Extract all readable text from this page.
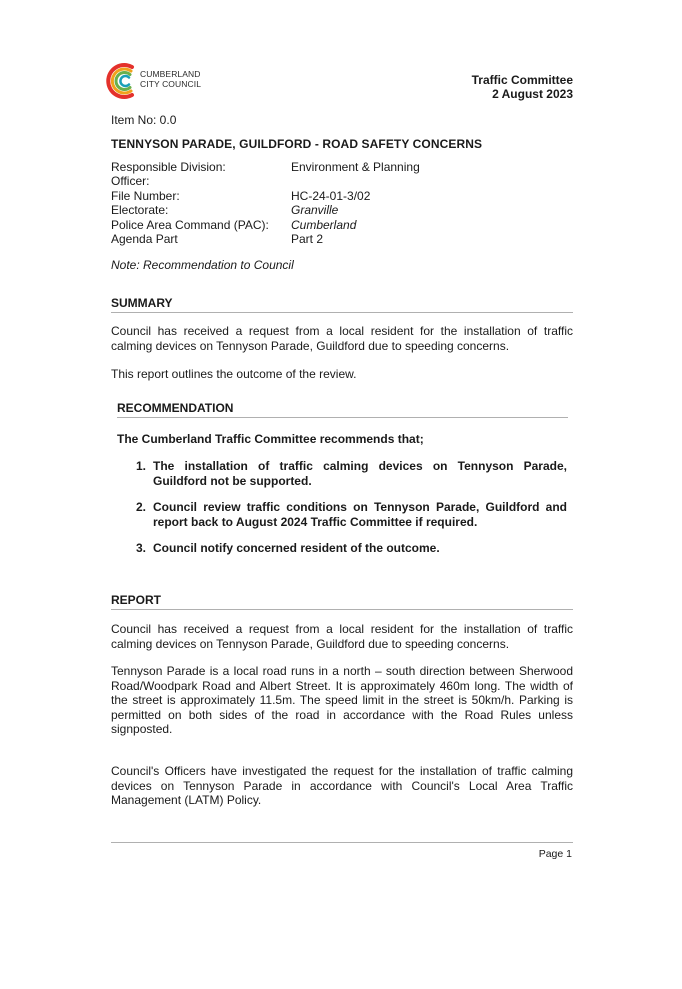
CUMBERLAND
CITY COUNCIL	Traffic Committee
2 August 2023
Item No: 0.0
TENNYSON PARADE, GUILDFORD - ROAD SAFETY CONCERNS
Responsible Division:	Environment & Planning
Officer:
File Number:	HC-24-01-3/02
Electorate:	Granville
Police Area Command (PAC):	Cumberland
Agenda Part	Part 2
Note: Recommendation to Council
SUMMARY
Council has received a request from a local resident for the installation of traffic calming devices on Tennyson Parade, Guildford due to speeding concerns.
This report outlines the outcome of the review.
RECOMMENDATION
The Cumberland Traffic Committee recommends that;
1. The installation of traffic calming devices on Tennyson Parade, Guildford not be supported.
2. Council review traffic conditions on Tennyson Parade, Guildford and report back to August 2024 Traffic Committee if required.
3. Council notify concerned resident of the outcome.
REPORT
Council has received a request from a local resident for the installation of traffic calming devices on Tennyson Parade, Guildford due to speeding concerns.
Tennyson Parade is a local road runs in a north – south direction between Sherwood Road/Woodpark Road and Albert Street. It is approximately 460m long. The width of the street is approximately 11.5m. The speed limit in the street is 50km/h. Parking is permitted on both sides of the road in accordance with the Road Rules unless signposted.
Council's Officers have investigated the request for the installation of traffic calming devices on Tennyson Parade in accordance with Council's Local Area Traffic Management (LATM) Policy.
Page 1
